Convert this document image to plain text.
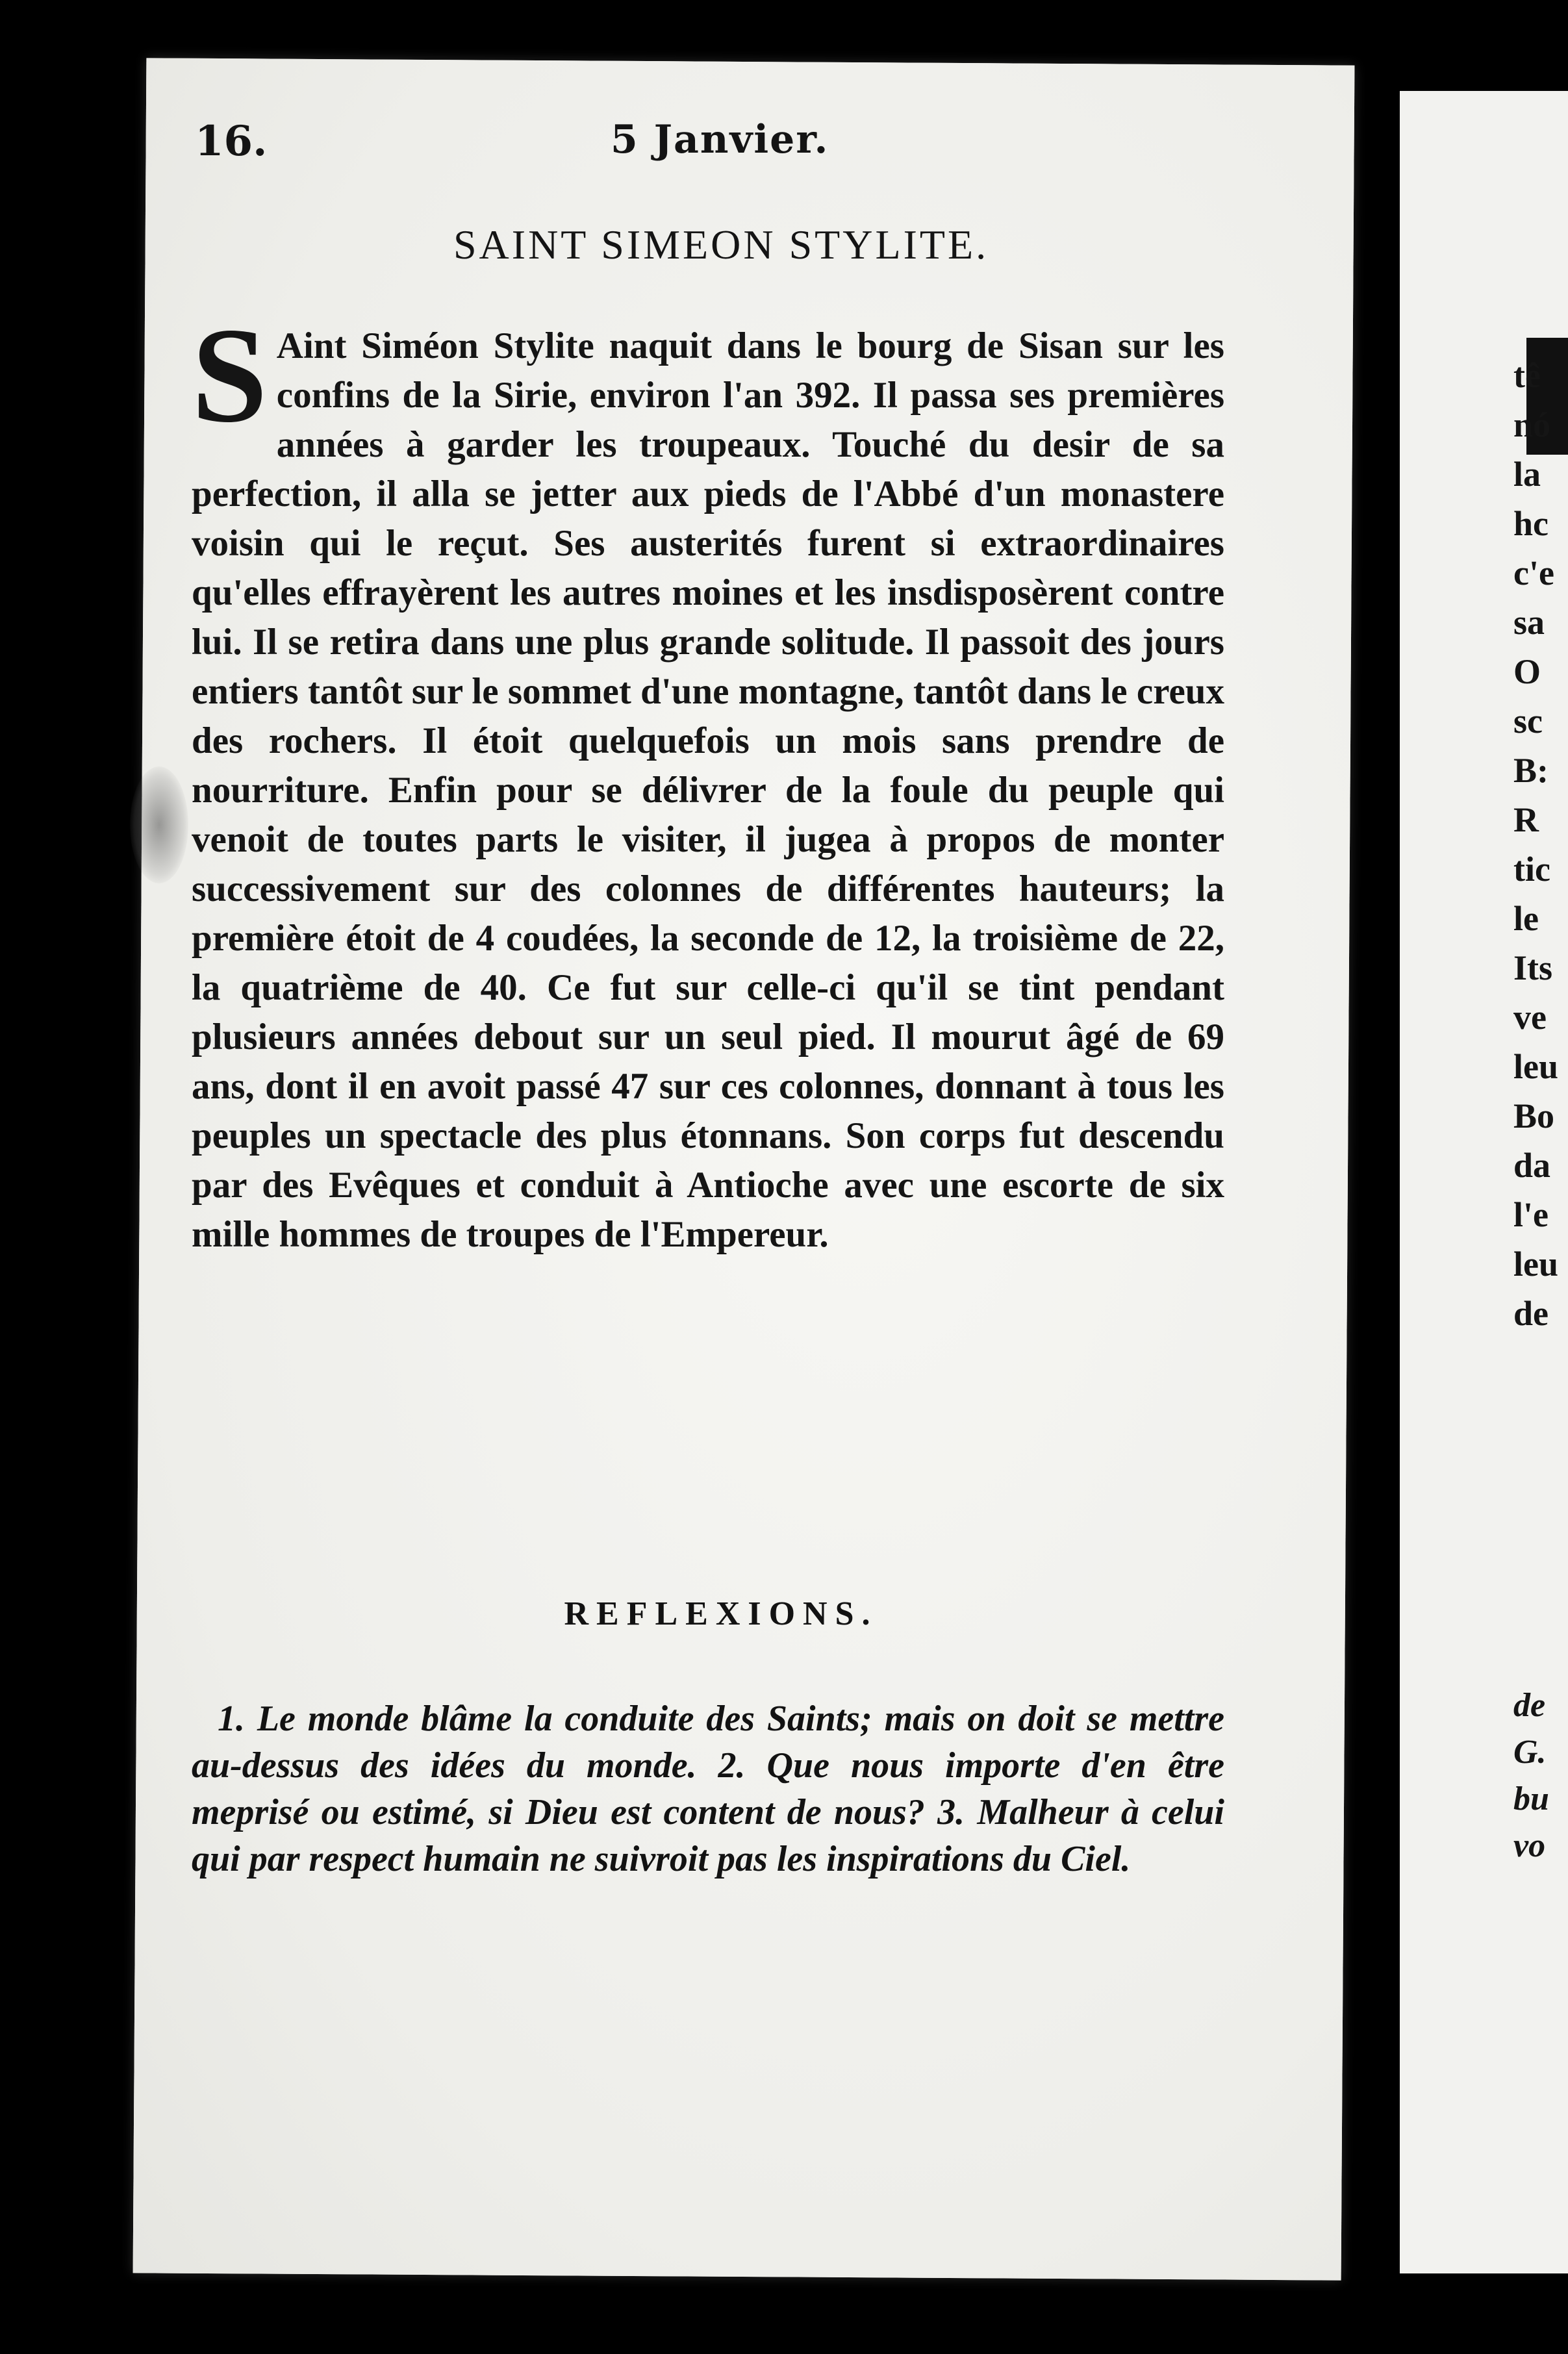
16.	5 Janvier.
SAINT SIMEON STYLITE.
S Aint Siméon Stylite naquit dans le bourg de Sisan sur les confins de la Sirie, environ l'an 392. Il passa ses premières années à garder les troupeaux. Touché du desir de sa perfection, il alla se jetter aux pieds de l'Abbé d'un monastere voisin qui le reçut. Ses austerités furent si extraordinaires qu'elles effrayèrent les autres moines et les insdisposèrent contre lui. Il se retira dans une plus grande solitude. Il passoit des jours entiers tantôt sur le sommet d'une montagne, tantôt dans le creux des rochers. Il étoit quelquefois un mois sans prendre de nourriture. Enfin pour se délivrer de la foule du peuple qui venoit de toutes parts le visiter, il jugea à propos de monter successivement sur des colonnes de différentes hauteurs; la première étoit de 4 coudées, la seconde de 12, la troisième de 22, la quatrième de 40. Ce fut sur celle-ci qu'il se tint pendant plusieurs années debout sur un seul pied. Il mourut âgé de 69 ans, dont il en avoit passé 47 sur ces colonnes, donnant à tous les peuples un spectacle des plus étonnans. Son corps fut descendu par des Evêques et conduit à Antioche avec une escorte de six mille hommes de troupes de l'Empereur.
REFLEXIONS.
1. Le monde blâme la conduite des Saints; mais on doit se mettre au-dessus des idées du monde. 2. Que nous importe d'en être meprisé ou estimé, si Dieu est content de nous? 3. Malheur à celui qui par respect humain ne suivroit pas les inspirations du Ciel.
tê
nó
la
hc
c'e
sa
O
sc
B:
R
tic
le
Its
ve
leu
Bo
da
l'e
leu
de
de
G.
bu
vo
